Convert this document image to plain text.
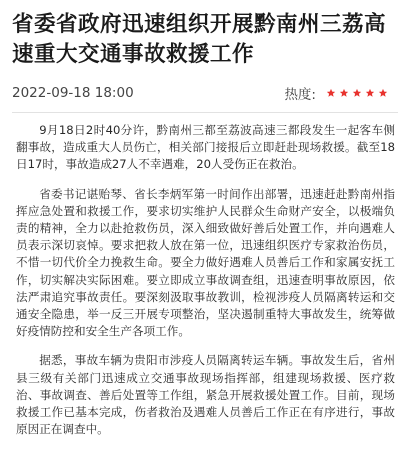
省委省政府迅速组织开展黔南州三荔高速重大交通事故救援工作
2022-09-18 18:00	热度:

9月18日2时40分许，黔南州三都至荔波高速三都段发生一起客车侧翻事故，造成重大人员伤亡，相关部门接报后立即赶赴现场救援。截至18日17时，事故造成27人不幸遇难，20人受伤正在救治。

省委书记谌贻琴、省长李炳军第一时间作出部署，迅速赶赴黔南州指挥应急处置和救援工作，要求切实维护人民群众生命财产安全，以极端负责的精神，全力以赴抢救伤员，深入细致做好善后处置工作，并向遇难人员表示深切哀悼。要求把救人放在第一位，迅速组织医疗专家救治伤员，不惜一切代价全力挽救生命。要全力做好遇难人员善后工作和家属安抚工作，切实解决实际困难。要立即成立事故调查组，迅速查明事故原因，依法严肃追究事故责任。要深刻汲取事故教训，检视涉疫人员隔离转运和交通安全隐患，举一反三开展专项整治，坚决遏制重特大事故发生，统筹做好疫情防控和安全生产各项工作。

据悉，事故车辆为贵阳市涉疫人员隔离转运车辆。事故发生后，省州县三级有关部门迅速成立交通事故现场指挥部，组建现场救援、医疗救治、事故调查、善后处置等工作组，紧急开展救援处置工作。目前，现场救援工作已基本完成，伤者救治及遇难人员善后工作正在有序进行，事故原因正在调查中。
